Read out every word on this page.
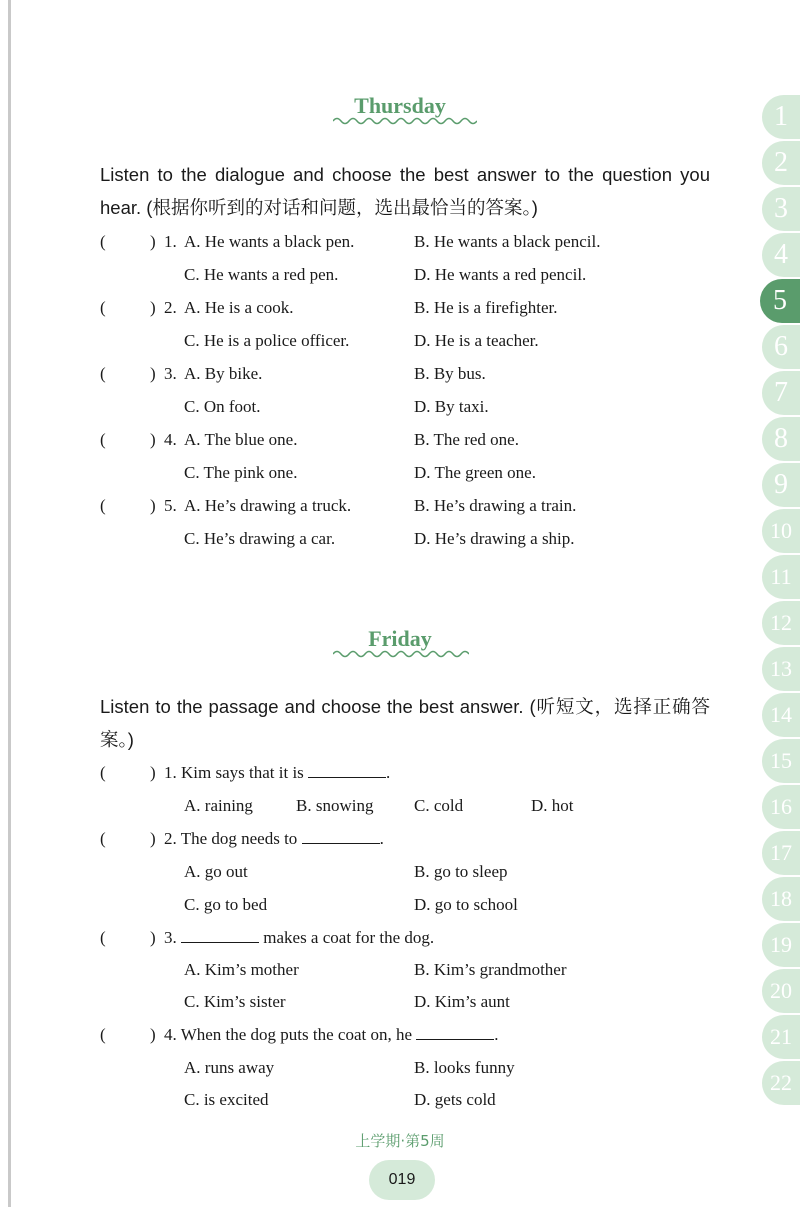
Thursday
Listen to the dialogue and choose the best answer to the question you hear. (根据你听到的对话和问题，选出最恰当的答案。)
(	) 1. A. He wants a black pen.	B. He wants a black pencil.
C. He wants a red pen.	D. He wants a red pencil.
(	) 2. A. He is a cook.	B. He is a firefighter.
C. He is a police officer.	D. He is a teacher.
(	) 3. A. By bike.	B. By bus.
C. On foot.	D. By taxi.
(	) 4. A. The blue one.	B. The red one.
C. The pink one.	D. The green one.
(	) 5. A. He’s drawing a truck.	B. He’s drawing a train.
C. He’s drawing a car.	D. He’s drawing a ship.
Friday
Listen to the passage and choose the best answer. (听短文，选择正确答案。)
(	) 1. Kim says that it is	.
A. raining	B. snowing C. cold	D. hot
(	) 2. The dog needs to	.
A. go out	B. go to sleep
C. go to bed	D. go to school
(	) 3.	makes a coat for the dog.
A. Kim’s mother	B. Kim’s grandmother
C. Kim’s sister	D. Kim’s aunt
(	) 4. When the dog puts the coat on, he	.
A. runs away	B. looks funny
C. is excited	D. gets cold
1
2
3
4
5
6
7
8
9
10
11
12
13
14
15
16
17
18
19
20
21
22
上学期·第5周
019
